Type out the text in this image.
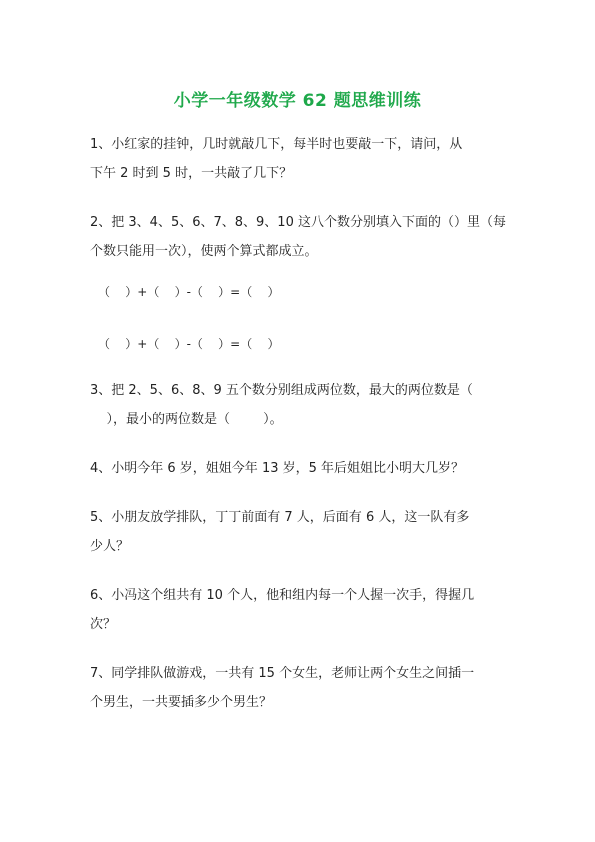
小学一年级数学 62 题思维训练
1、小红家的挂钟，几时就敲几下，每半时也要敲一下，请问，从
下午 2 时到 5 时，一共敲了几下？
2、把 3、4、5、6、7、8、9、10 这八个数分别填入下面的（）里（每
个数只能用一次），使两个算式都成立。
（    ）+（    ）-（    ）=（    ）
（    ）+（    ）-（    ）=（    ）
3、把 2、5、6、8、9 五个数分别组成两位数，最大的两位数是（
），最小的两位数是（        ）。
4、小明今年 6 岁，姐姐今年 13 岁，5 年后姐姐比小明大几岁？
5、小朋友放学排队，丁丁前面有 7 人，后面有 6 人，这一队有多
少人？
6、小冯这个组共有 10 个人，他和组内每一个人握一次手，得握几
次？
7、同学排队做游戏，一共有 15 个女生，老师让两个女生之间插一
个男生，一共要插多少个男生？
